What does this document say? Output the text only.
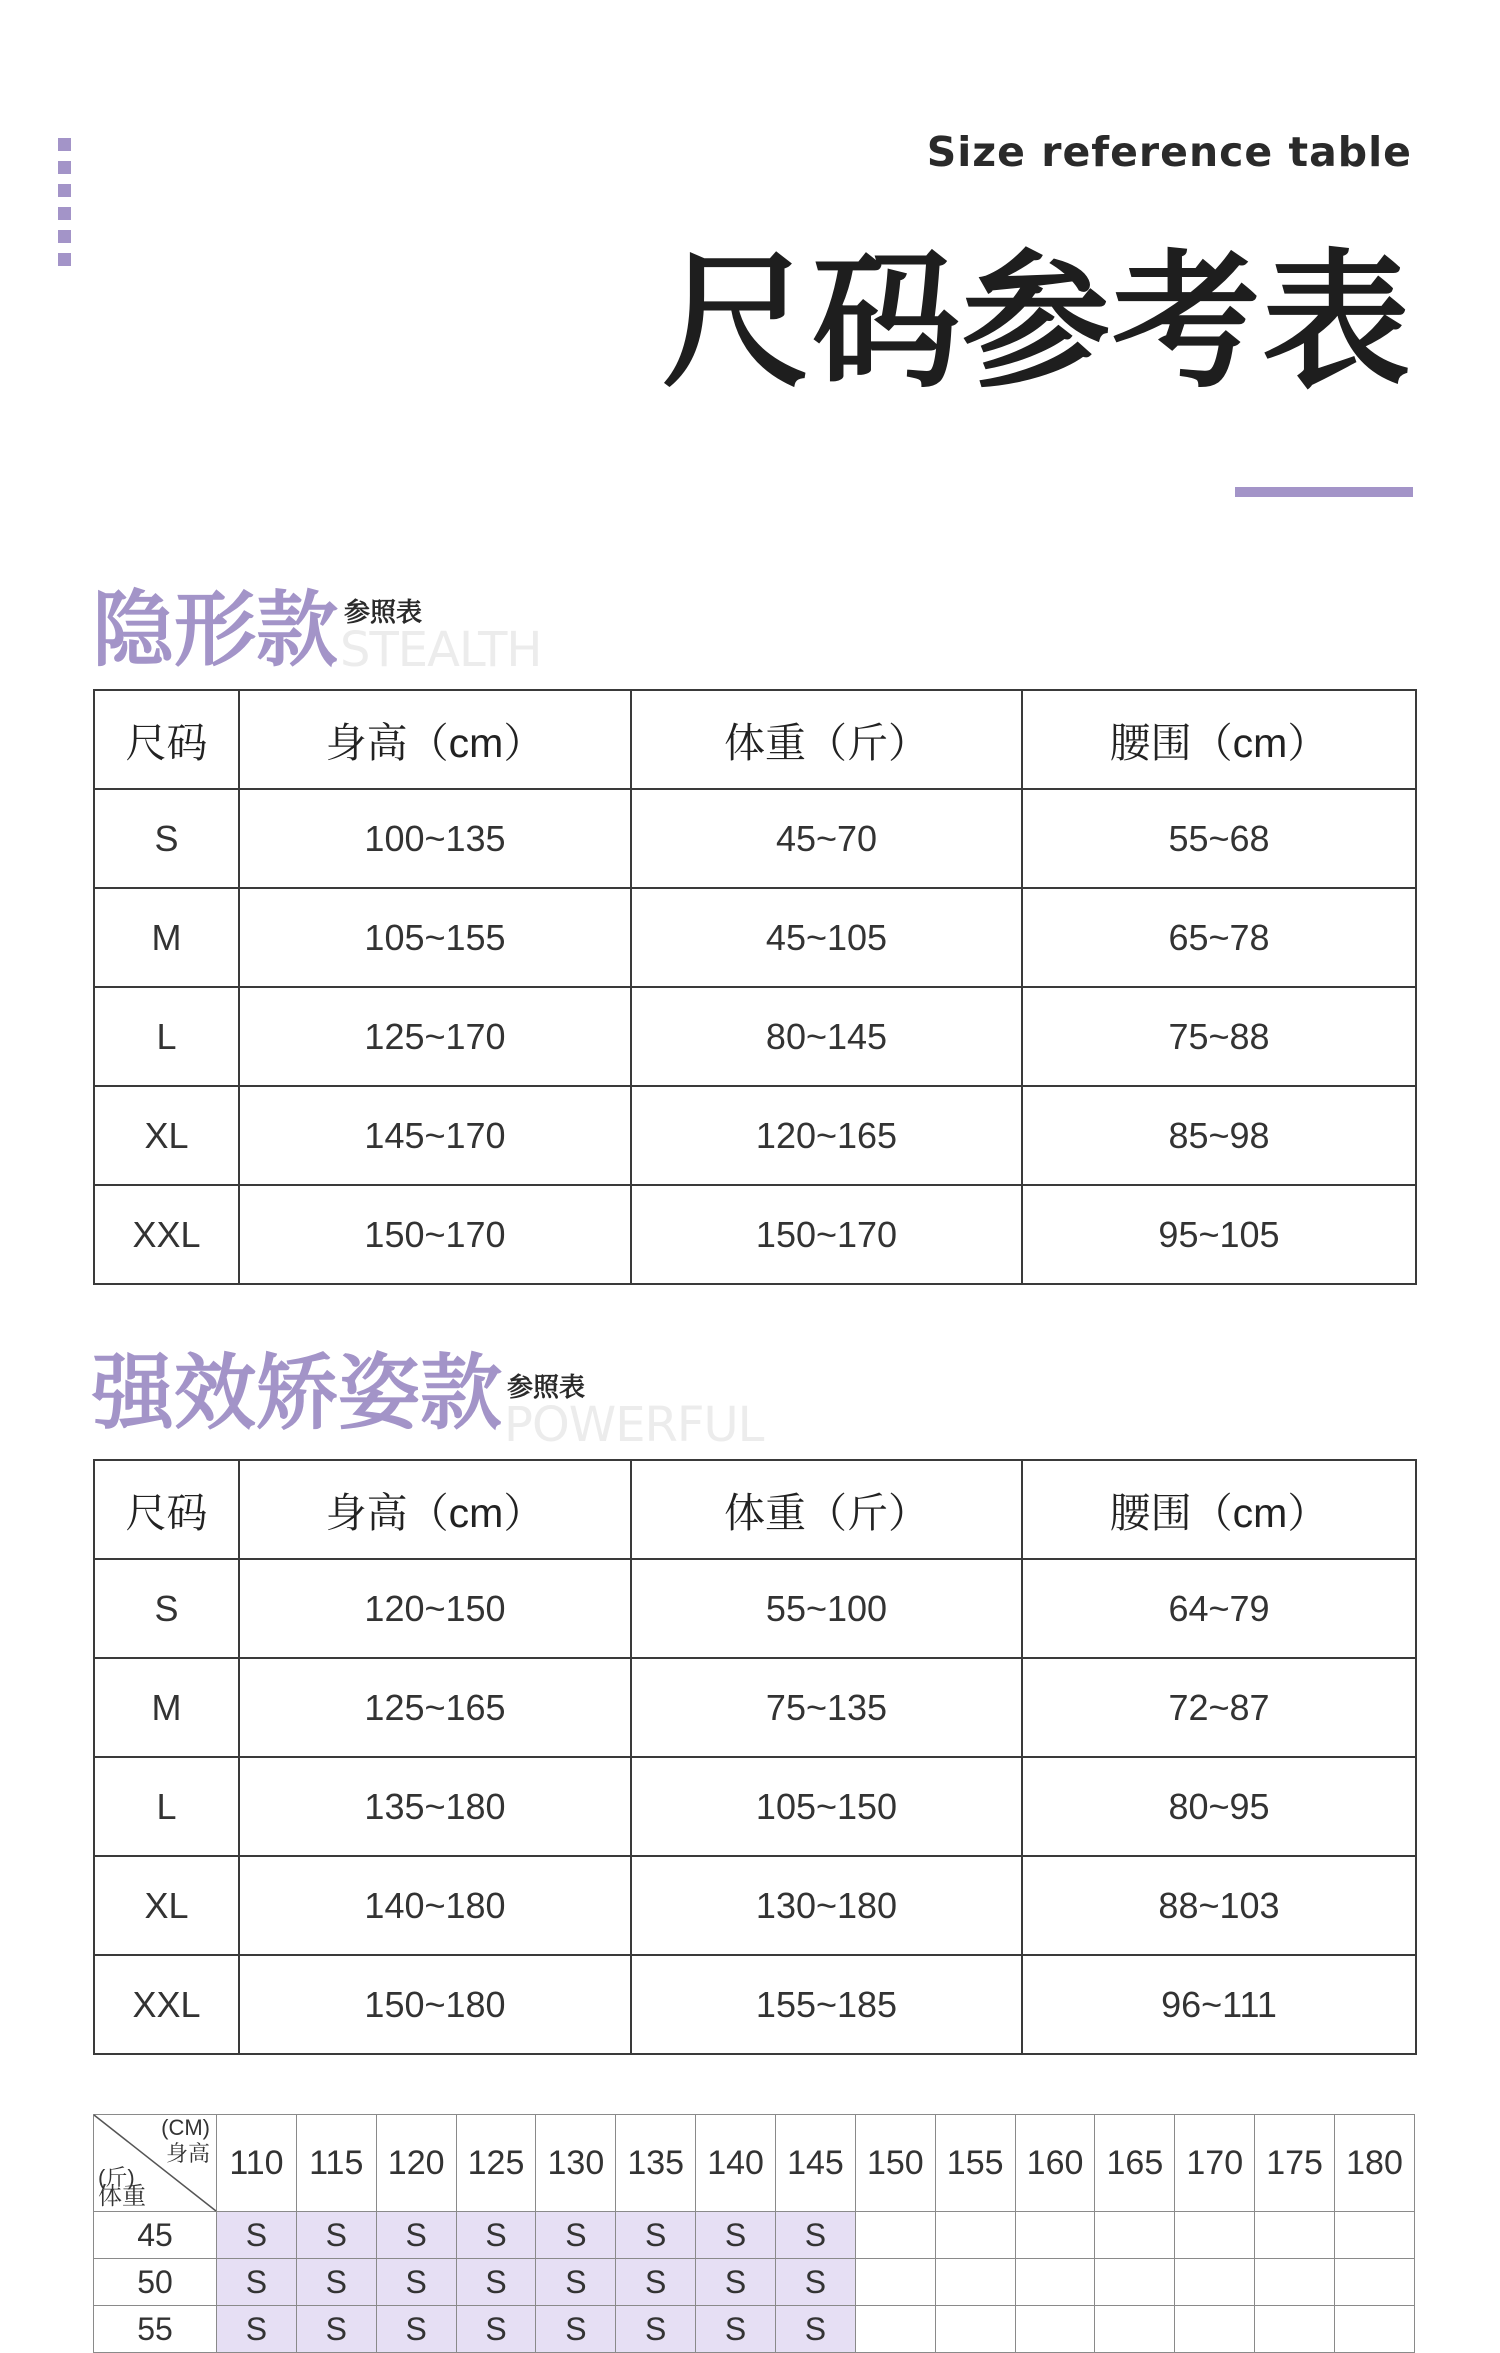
Size reference table
尺码参考表
隐形款 参照表
STEALTH
尺码	身高（cm）	体重（斤）	腰围（cm）
S	100~135	45~70	55~68
M	105~155	45~105	65~78
L	125~170	80~145	75~88
XL	145~170	120~165	85~98
XXL	150~170	150~170	95~105
强效矫姿款 参照表
POWERFUL
尺码	身高（cm）	体重（斤）	腰围（cm）
S	120~150	55~100	64~79
M	125~165	75~135	72~87
L	135~180	105~150	80~95
XL	140~180	130~180	88~103
XXL	150~180	155~185	96~111
(CM)
身高
(斤)
体重	110	115	120	125	130	135	140	145	150	155	160	165	170	175	180
45	S	S	S	S	S	S	S	S							
50	S	S	S	S	S	S	S	S							
55	S	S	S	S	S	S	S	S							
